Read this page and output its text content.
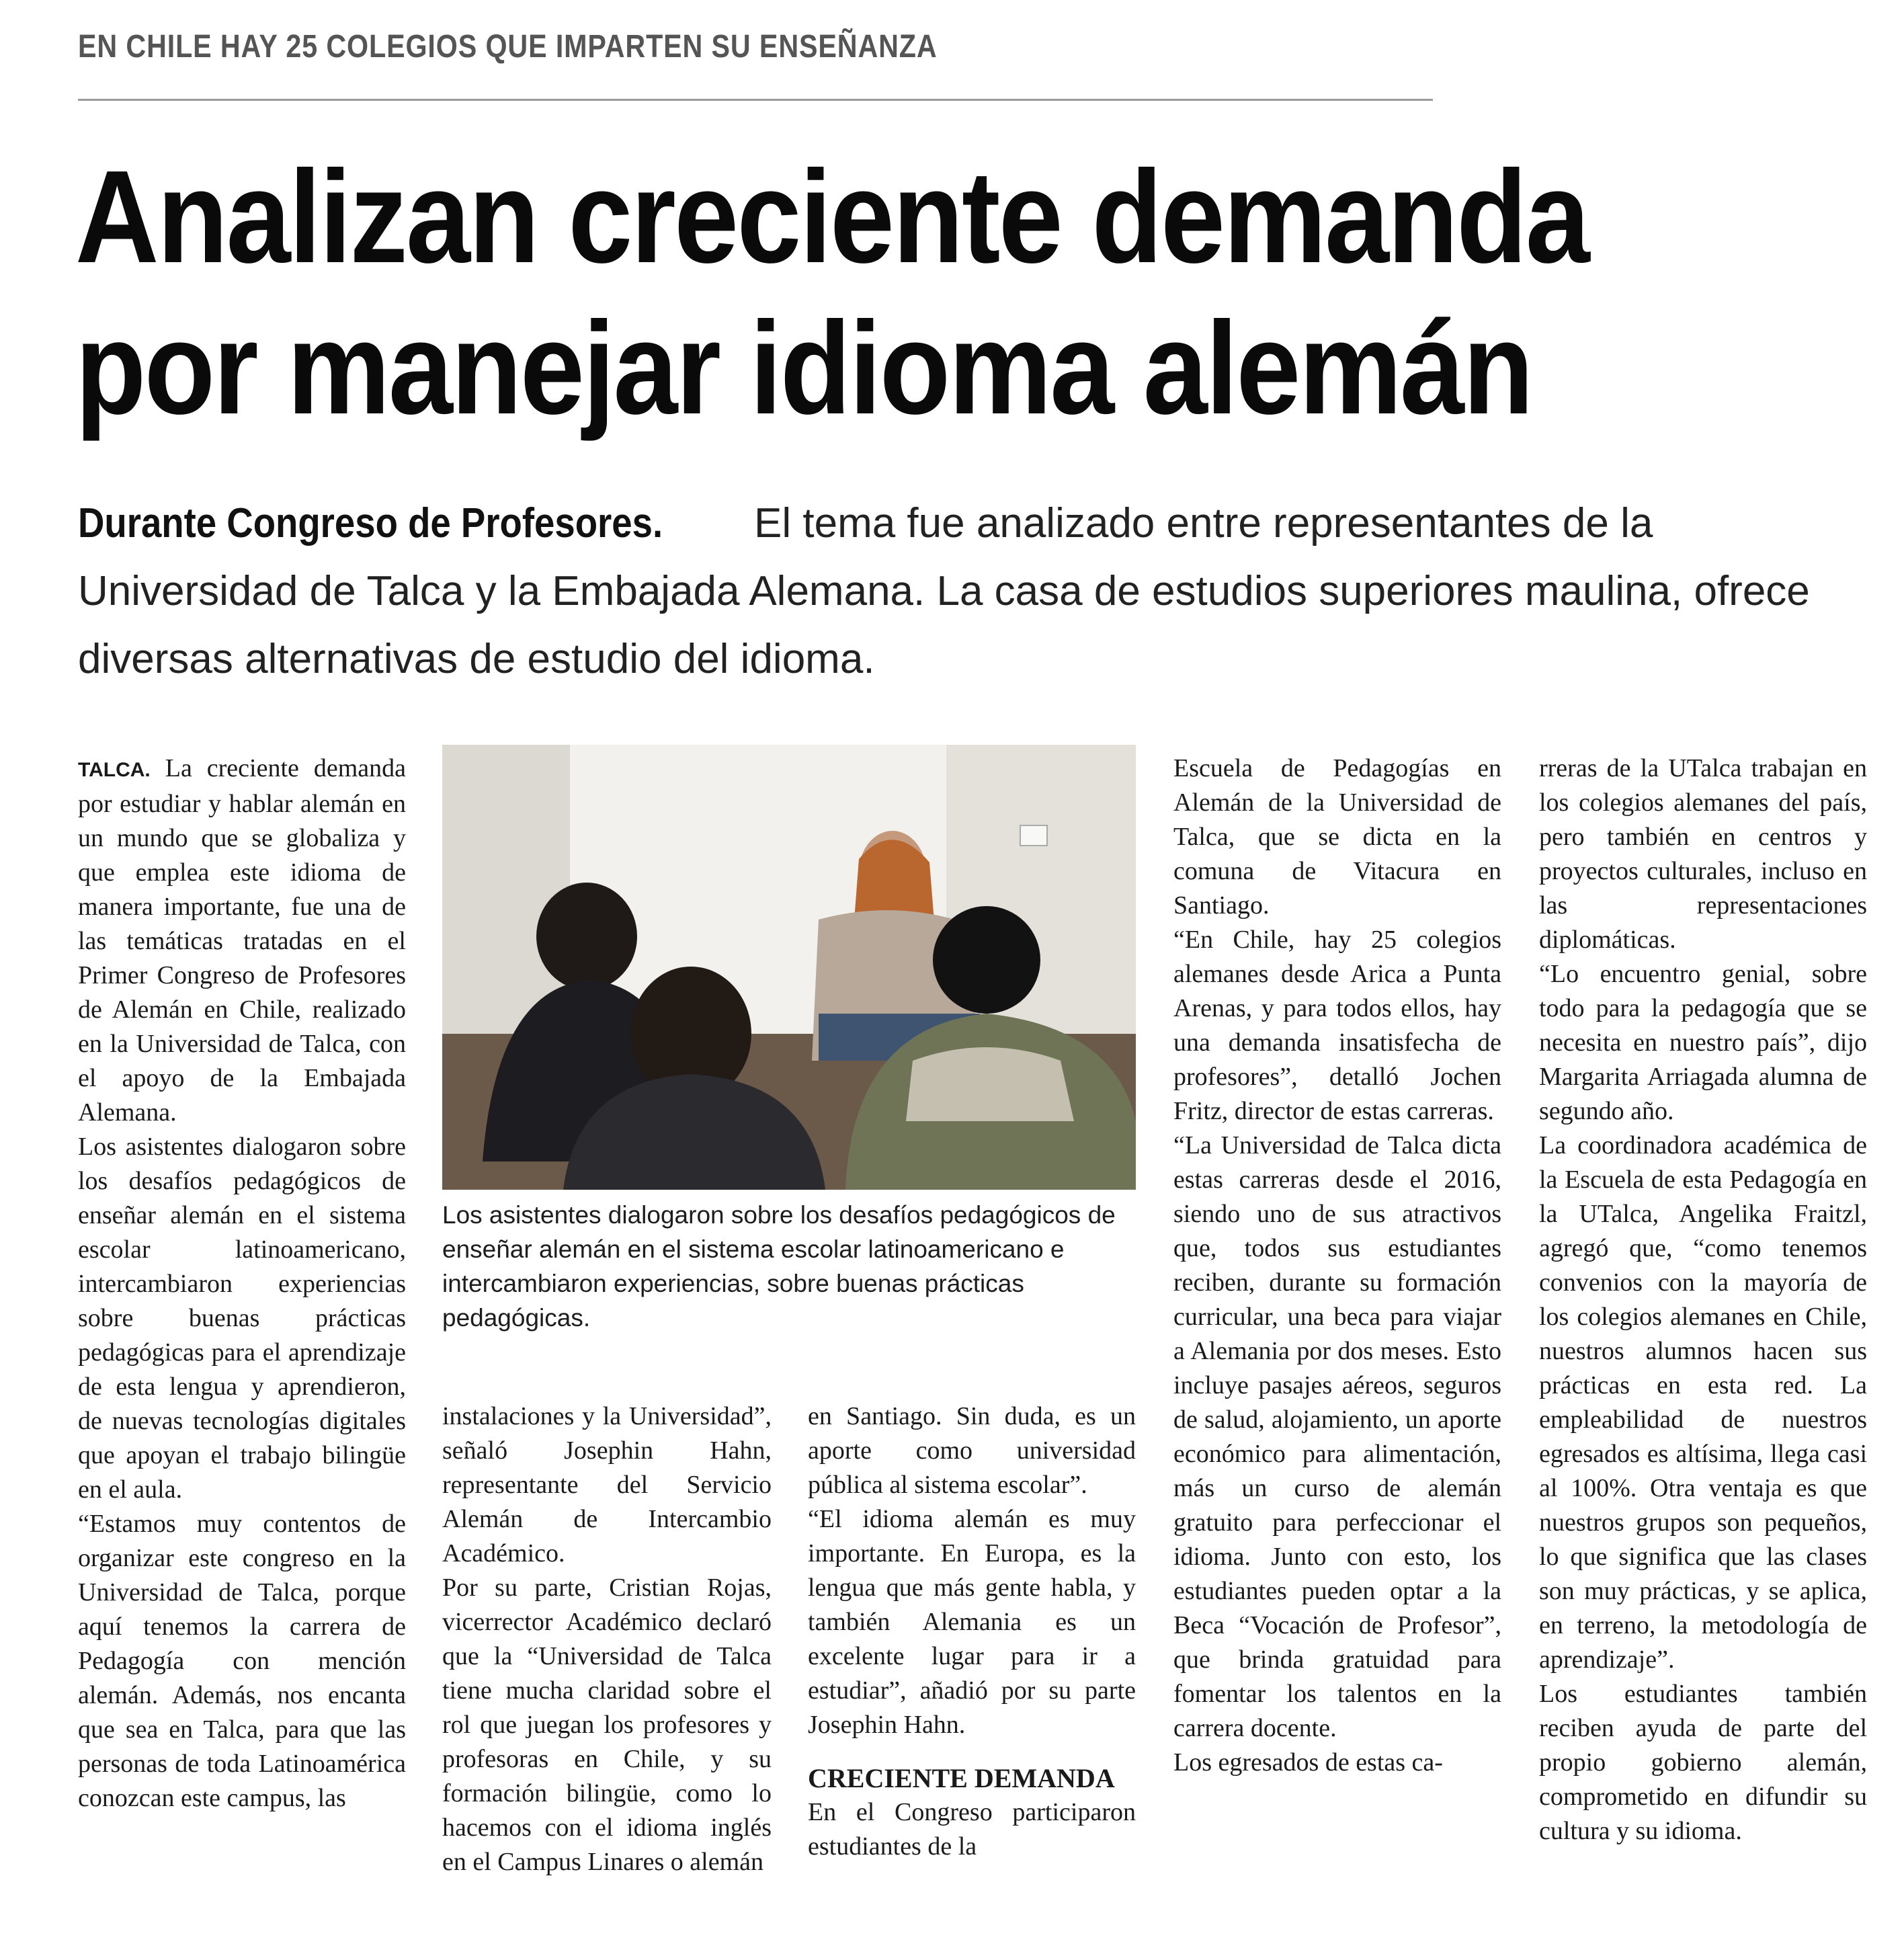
EN CHILE HAY 25 COLEGIOS QUE IMPARTEN SU ENSEÑANZA
Analizan creciente demanda
por manejar idioma alemán

Durante Congreso de Profesores. El tema fue analizado entre representantes de la Universidad de Talca y la Embajada Alemana. La casa de estudios superiores maulina, ofrece diversas alternativas de estudio del idioma.

TALCA. La creciente demanda por estudiar y hablar alemán en un mundo que se globaliza y que emplea este idioma de manera importante, fue una de las temáticas tratadas en el Primer Congreso de Profesores de Alemán en Chile, realizado en la Universidad de Talca, con el apoyo de la Embajada Alemana.

Los asistentes dialogaron sobre los desafíos pedagógicos de enseñar alemán en el sistema escolar latinoamericano, intercambiaron experiencias sobre buenas prácticas pedagógicas para el aprendizaje de esta lengua y aprendieron, de nuevas tecnologías digitales que apoyan el trabajo bilingüe en el aula.

“Estamos muy contentos de organizar este congreso en la Universidad de Talca, porque aquí tenemos la carrera de Pedagogía con mención alemán. Además, nos encanta que sea en Talca, para que las personas de toda Latinoamérica conozcan este campus, las

Los asistentes dialogaron sobre los desafíos pedagógicos de enseñar alemán en el sistema escolar latinoamericano e intercambiaron experiencias, sobre buenas prácticas pedagógicas.

instalaciones y la Universidad”, señaló Josephin Hahn, representante del Servicio Alemán de Intercambio Académico.

Por su parte, Cristian Rojas, vicerrector Académico declaró que la “Universidad de Talca tiene mucha claridad sobre el rol que juegan los profesores y profesoras en Chile, y su formación bilingüe, como lo hacemos con el idioma inglés en el Campus Linares o alemán

en Santiago. Sin duda, es un aporte como universidad pública al sistema escolar”.

“El idioma alemán es muy importante. En Europa, es la lengua que más gente habla, y también Alemania es un excelente lugar para ir a estudiar”, añadió por su parte Josephin Hahn.

CRECIENTE DEMANDA

En el Congreso participaron estudiantes de la

Escuela de Pedagogías en Alemán de la Universidad de Talca, que se dicta en la comuna de Vitacura en Santiago.

“En Chile, hay 25 colegios alemanes desde Arica a Punta Arenas, y para todos ellos, hay una demanda insatisfecha de profesores”, detalló Jochen Fritz, director de estas carreras.

“La Universidad de Talca dicta estas carreras desde el 2016, siendo uno de sus atractivos que, todos sus estudiantes reciben, durante su formación curricular, una beca para viajar a Alemania por dos meses. Esto incluye pasajes aéreos, seguros de salud, alojamiento, un aporte económico para alimentación, más un curso de alemán gratuito para perfeccionar el idioma. Junto con esto, los estudiantes pueden optar a la Beca “Vocación de Profesor”, que brinda gratuidad para fomentar los talentos en la carrera docente.

Los egresados de estas ca-

rreras de la UTalca trabajan en los colegios alemanes del país, pero también en centros y proyectos culturales, incluso en las representaciones diplomáticas.

“Lo encuentro genial, sobre todo para la pedagogía que se necesita en nuestro país”, dijo Margarita Arriagada alumna de segundo año.

La coordinadora académica de la Escuela de esta Pedagogía en la UTalca, Angelika Fraitzl, agregó que, “como tenemos convenios con la mayoría de los colegios alemanes en Chile, nuestros alumnos hacen sus prácticas en esta red. La empleabilidad de nuestros egresados es altísima, llega casi al 100%. Otra ventaja es que nuestros grupos son pequeños, lo que significa que las clases son muy prácticas, y se aplica, en terreno, la metodología de aprendizaje”.

Los estudiantes también reciben ayuda de parte del propio gobierno alemán, comprometido en difundir su cultura y su idioma.
